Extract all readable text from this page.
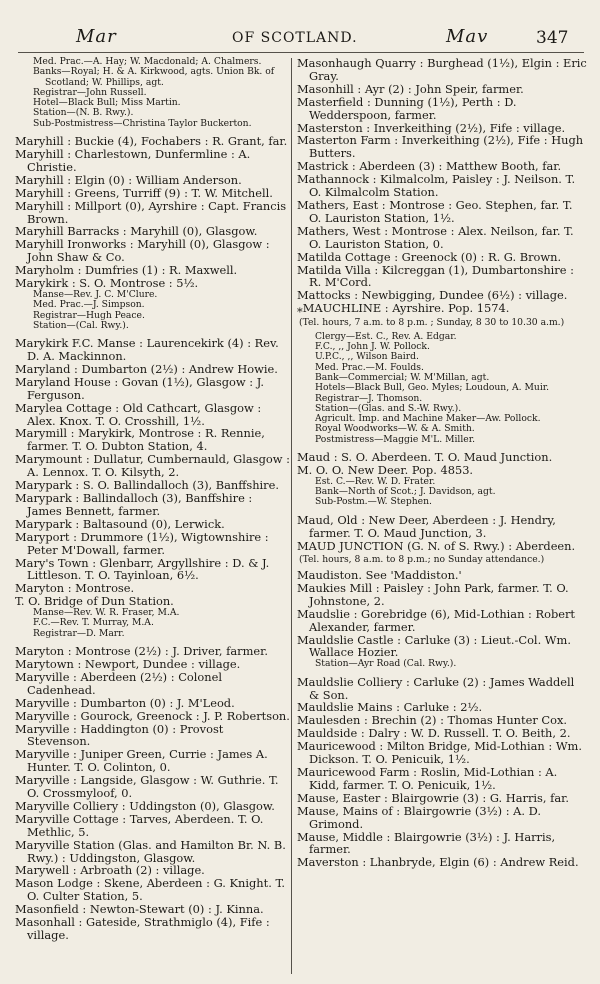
Mar	OF SCOTLAND.	Mav	347
Med. Prac.—A. Hay; W. Macdonald; A. Chalmers.
Banks—Royal; H. & A. Kirkwood, agts. Union Bk. of Scotland; W. Phillips, agt.
Registrar—John Russell.
Hotel—Black Bull; Miss Martin.
Station—(N. B. Rwy.).
Sub-Postmistress—Christina Taylor Buckerton.
Maryhill : Buckie (4), Fochabers : R. Grant, far.
Maryhill : Charlestown, Dunfermline : A. Christie.
Maryhill : Elgin (0) : William Anderson.
Maryhill : Greens, Turriff (9) : T. W. Mitchell.
Maryhill : Millport (0), Ayrshire : Capt. Francis Brown.
Maryhill Barracks : Maryhill (0), Glasgow.
Maryhill Ironworks : Maryhill (0), Glasgow : John Shaw & Co.
Maryholm : Dumfries (1) : R. Maxwell.
Marykirk : S. O. Montrose : 5½.
Manse—Rev. J. C. M'Clure.
Med. Prac.—J. Simpson.
Registrar—Hugh Peace.
Station—(Cal. Rwy.).
Marykirk F.C. Manse : Laurencekirk (4) : Rev. D. A. Mackinnon.
Maryland : Dumbarton (2½) : Andrew Howie.
Maryland House : Govan (1½), Glasgow : J. Ferguson.
Marylea Cottage : Old Cathcart, Glasgow : Alex. Knox. T. O. Crosshill, 1½.
Marymill : Marykirk, Montrose : R. Rennie, farmer. T. O. Dubton Station, 4.
Marymount : Dullatur, Cumbernauld, Glasgow : A. Lennox. T. O. Kilsyth, 2.
Marypark : S. O. Ballindalloch (3), Banffshire.
Marypark : Ballindalloch (3), Banffshire : James Bennett, farmer.
Marypark : Baltasound (0), Lerwick.
Maryport : Drummore (1½), Wigtownshire : Peter M'Dowall, farmer.
Mary's Town : Glenbarr, Argyllshire : D. & J. Littleson. T. O. Tayinloan, 6½.
Maryton : Montrose.
T. O. Bridge of Dun Station.
Manse—Rev. W. R. Fraser, M.A.
F.C.—Rev. T. Murray, M.A.
Registrar—D. Marr.
Maryton : Montrose (2½) : J. Driver, farmer.
Marytown : Newport, Dundee : village.
Maryville : Aberdeen (2½) : Colonel Cadenhead.
Maryville : Dumbarton (0) : J. M'Leod.
Maryville : Gourock, Greenock : J. P. Robertson.
Maryville : Haddington (0) : Provost Stevenson.
Maryville : Juniper Green, Currie : James A. Hunter. T. O. Colinton, 0.
Maryville : Langside, Glasgow : W. Guthrie. T. O. Crossmyloof, 0.
Maryville Colliery : Uddingston (0), Glasgow.
Maryville Cottage : Tarves, Aberdeen. T. O. Methlic, 5.
Maryville Station (Glas. and Hamilton Br. N. B. Rwy.) : Uddingston, Glasgow.
Marywell : Arbroath (2) : village.
Mason Lodge : Skene, Aberdeen : G. Knight. T. O. Culter Station, 5.
Masonfield : Newton-Stewart (0) : J. Kinna.
Masonhall : Gateside, Strathmiglo (4), Fife : village.
Masonhaugh Quarry : Burghead (1½), Elgin : Eric Gray.
Masonhill : Ayr (2) : John Speir, farmer.
Masterfield : Dunning (1½), Perth : D. Wedderspoon, farmer.
Masterston : Inverkeithing (2½), Fife : village.
Masterton Farm : Inverkeithing (2½), Fife : Hugh Butters.
Mastrick : Aberdeen (3) : Matthew Booth, far.
Mathannock : Kilmalcolm, Paisley : J. Neilson. T. O. Kilmalcolm Station.
Mathers, East : Montrose : Geo. Stephen, far. T. O. Lauriston Station, 1½.
Mathers, West : Montrose : Alex. Neilson, far. T. O. Lauriston Station, 0.
Matilda Cottage : Greenock (0) : R. G. Brown.
Matilda Villa : Kilcreggan (1), Dumbartonshire : R. M'Cord.
Mattocks : Newbigging, Dundee (6½) : village.
⁎MAUCHLINE : Ayrshire. Pop. 1574.
(Tel. hours, 7 a.m. to 8 p.m. ; Sunday, 8 30 to 10.30 a.m.)
Clergy—Est. C., Rev. A. Edgar.
F.C., ,, John J. W. Pollock.
U.P.C., ,, Wilson Baird.
Med. Prac.—M. Foulds.
Bank—Commercial; W. M'Millan, agt.
Hotels—Black Bull, Geo. Myles; Loudoun, A. Muir.
Registrar—J. Thomson.
Station—(Glas. and S.-W. Rwy.).
Agricult. Imp. and Machine Maker—Aw. Pollock.
Royal Woodworks—W. & A. Smith.
Postmistress—Maggie M'L. Miller.
Maud : S. O. Aberdeen. T. O. Maud Junction.
M. O. O. New Deer. Pop. 4853.
Est. C.—Rev. W. D. Frater.
Bank—North of Scot.; J. Davidson, agt.
Sub-Postm.—W. Stephen.
Maud, Old : New Deer, Aberdeen : J. Hendry, farmer. T. O. Maud Junction, 3.
MAUD JUNCTION (G. N. of S. Rwy.) : Aberdeen.
(Tel. hours, 8 a.m. to 8 p.m.; no Sunday attendance.)
Maudiston. See 'Maddiston.'
Maukies Mill : Paisley : John Park, farmer. T. O. Johnstone, 2.
Maudslie : Gorebridge (6), Mid-Lothian : Robert Alexander, farmer.
Mauldslie Castle : Carluke (3) : Lieut.-Col. Wm. Wallace Hozier.
Station—Ayr Road (Cal. Rwy.).
Mauldslie Colliery : Carluke (2) : James Waddell & Son.
Mauldslie Mains : Carluke : 2½.
Maulesden : Brechin (2) : Thomas Hunter Cox.
Mauldside : Dalry : W. D. Russell. T. O. Beith, 2.
Mauricewood : Milton Bridge, Mid-Lothian : Wm. Dickson. T. O. Penicuik, 1½.
Mauricewood Farm : Roslin, Mid-Lothian : A. Kidd, farmer. T. O. Penicuik, 1½.
Mause, Easter : Blairgowrie (3) : G. Harris, far.
Mause, Mains of : Blairgowrie (3½) : A. D. Grimond.
Mause, Middle : Blairgowrie (3½) : J. Harris, farmer.
Maverston : Lhanbryde, Elgin (6) : Andrew Reid.
